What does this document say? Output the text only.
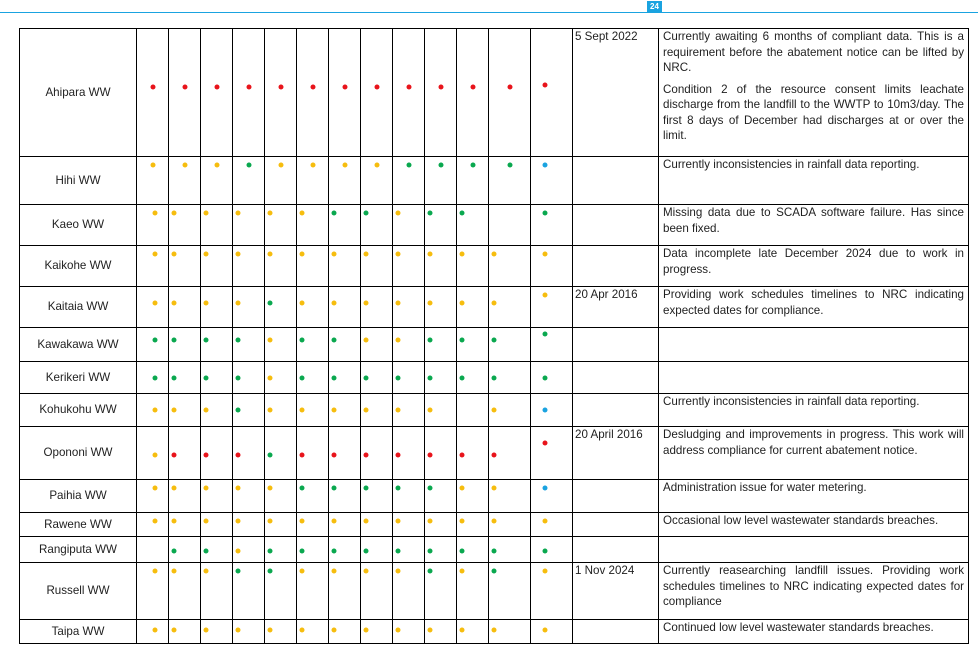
24
Ahipara WW														5 Sept 2022	Currently awaiting 6 months of compliant data. This is a requirement before the abatement notice can be lifted by NRC.

Condition 2 of the resource consent limits leachate discharge from the landfill to the WWTP to 10m3/day. The first 8 days of December had discharges at or over the limit.

Hihi WW															Currently inconsistencies in rainfall data reporting.

Kaeo WW															Missing data due to SCADA software failure. Has since been fixed.

Kaikohe WW															Data incomplete late December 2024 due to work in progress.

Kaitaia WW														20 Apr 2016	Providing work schedules timelines to NRC indicating expected dates for compliance.

Kawakawa WW	

Kerikeri WW	

Kohukohu WW															Currently inconsistencies in rainfall data reporting.

Opononi WW														20 April 2016	Desludging and improvements in progress. This work will address compliance for current abatement notice.

Paihia WW															Administration issue for water metering.

Rawene WW															Occasional low level wastewater standards breaches.

Rangiputa WW		

Russell WW														1 Nov 2024	Currently reasearching landfill issues. Providing work schedules timelines to NRC indicating expected dates for compliance

Taipa WW															Continued low level wastewater standards breaches.
